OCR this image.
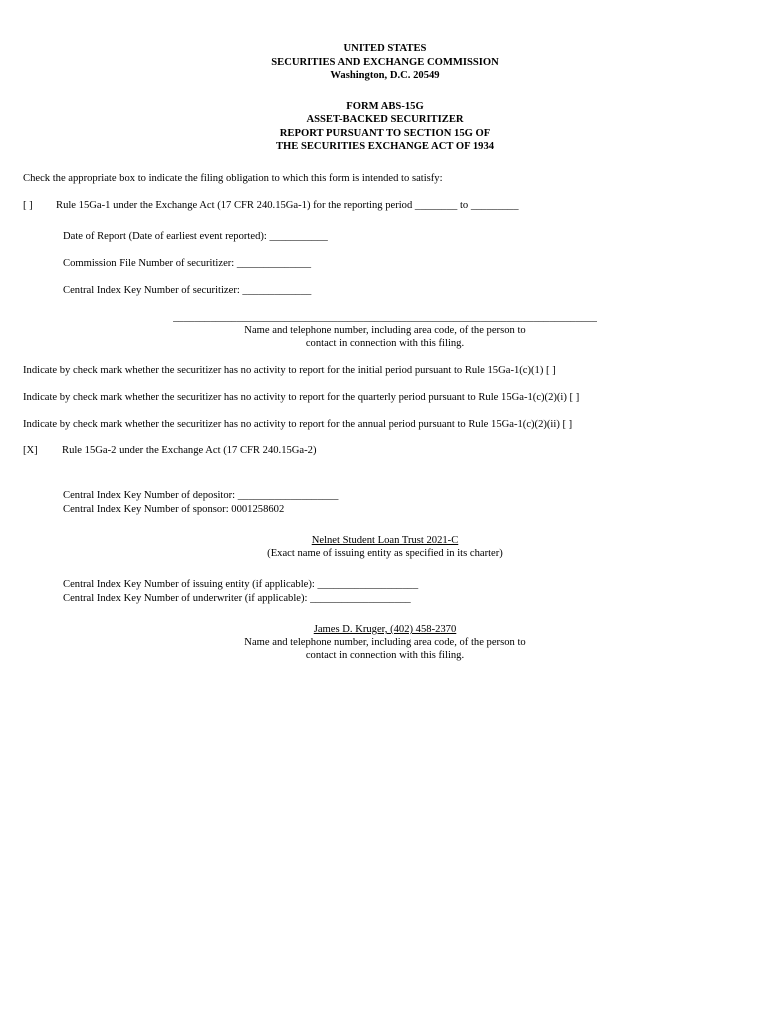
UNITED STATES
SECURITIES AND EXCHANGE COMMISSION
Washington, D.C. 20549
FORM ABS-15G
ASSET-BACKED SECURITIZER
REPORT PURSUANT TO SECTION 15G OF
THE SECURITIES EXCHANGE ACT OF 1934
Check the appropriate box to indicate the filing obligation to which this form is intended to satisfy:
[ ] Rule 15Ga-1 under the Exchange Act (17 CFR 240.15Ga-1) for the reporting period ________ to _________
Date of Report (Date of earliest event reported): ___________
Commission File Number of securitizer: ______________
Central Index Key Number of securitizer: _____________
________________________________________________________________________________
Name and telephone number, including area code, of the person to
contact in connection with this filing.
Indicate by check mark whether the securitizer has no activity to report for the initial period pursuant to Rule 15Ga-1(c)(1) [ ]
Indicate by check mark whether the securitizer has no activity to report for the quarterly period pursuant to Rule 15Ga-1(c)(2)(i) [ ]
Indicate by check mark whether the securitizer has no activity to report for the annual period pursuant to Rule 15Ga-1(c)(2)(ii) [ ]
[X] Rule 15Ga-2 under the Exchange Act (17 CFR 240.15Ga-2)
Central Index Key Number of depositor: ___________________
Central Index Key Number of sponsor: 0001258602
Nelnet Student Loan Trust 2021-C
(Exact name of issuing entity as specified in its charter)
Central Index Key Number of issuing entity (if applicable): ___________________
Central Index Key Number of underwriter (if applicable): ___________________
James D. Kruger, (402) 458-2370
Name and telephone number, including area code, of the person to
contact in connection with this filing.
